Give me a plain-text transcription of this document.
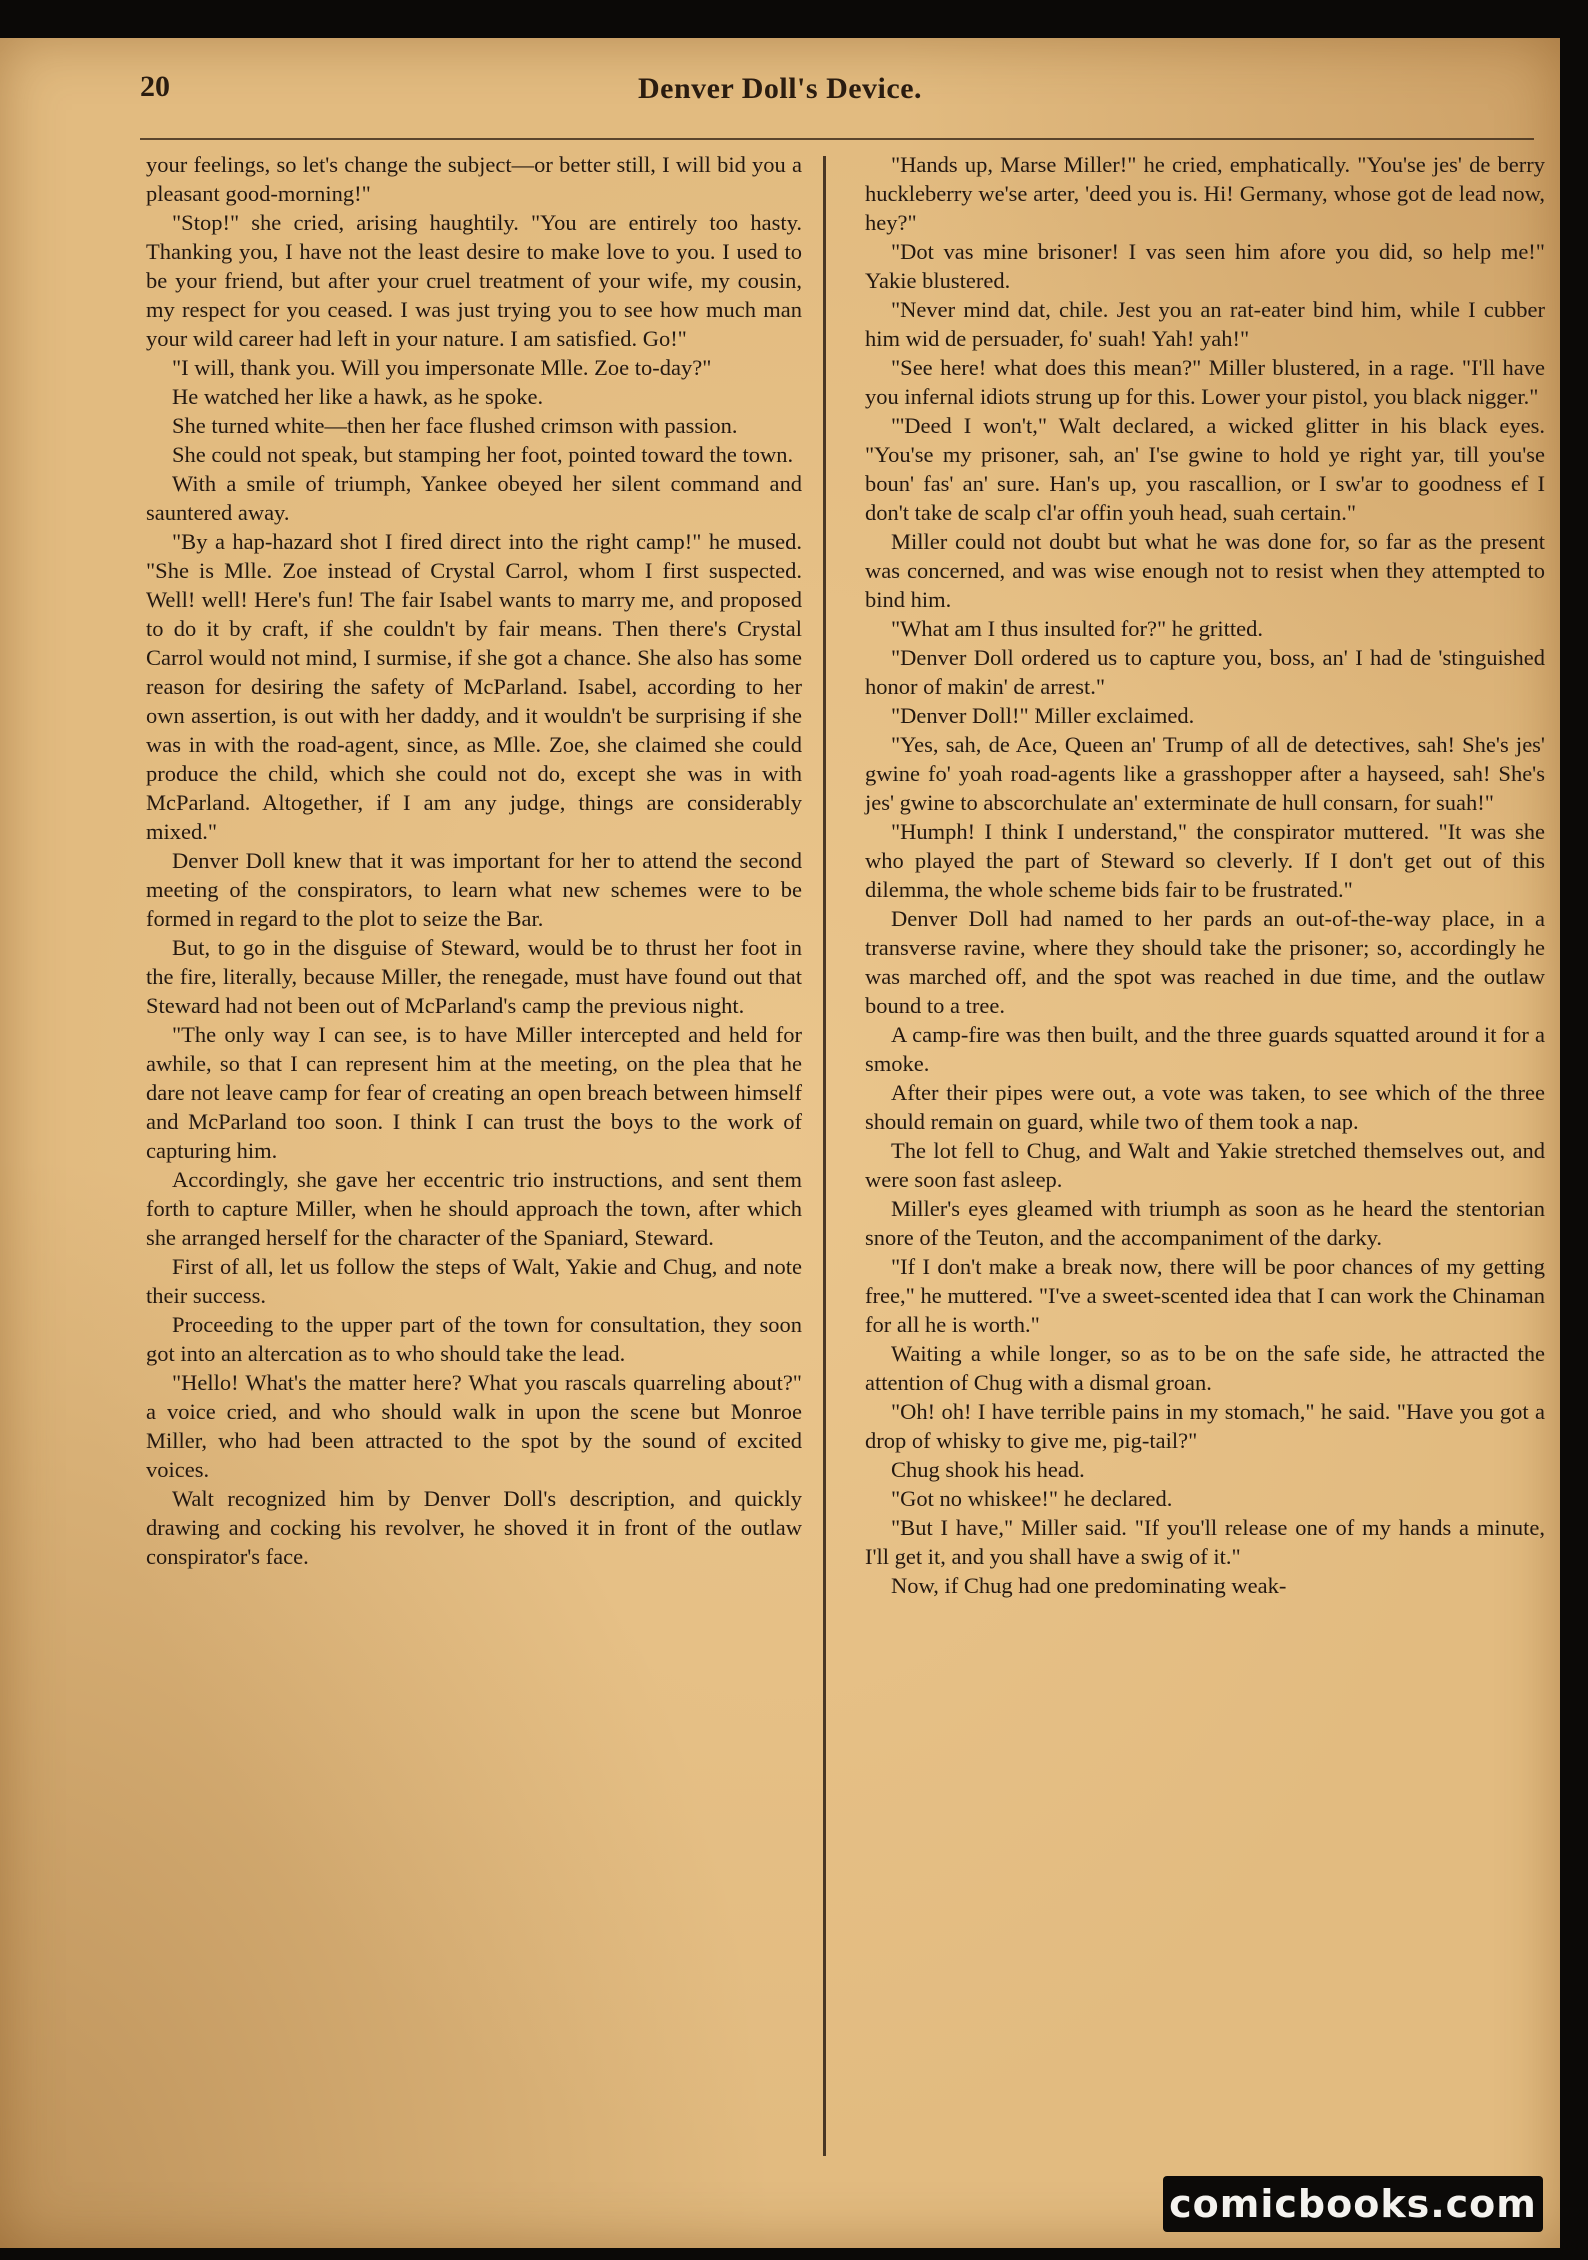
20	Denver Doll's Device.

your feelings, so let's change the subject—or better still, I will bid you a pleasant good-morning!"

"Stop!" she cried, arising haughtily. "You are entirely too hasty. Thanking you, I have not the least desire to make love to you. I used to be your friend, but after your cruel treatment of your wife, my cousin, my respect for you ceased. I was just trying you to see how much man your wild career had left in your nature. I am satisfied. Go!"

"I will, thank you. Will you impersonate Mlle. Zoe to-day?"

He watched her like a hawk, as he spoke.

She turned white—then her face flushed crimson with passion.

She could not speak, but stamping her foot, pointed toward the town.

With a smile of triumph, Yankee obeyed her silent command and sauntered away.

"By a hap-hazard shot I fired direct into the right camp!" he mused. "She is Mlle. Zoe instead of Crystal Carrol, whom I first suspected. Well! well! Here's fun! The fair Isabel wants to marry me, and proposed to do it by craft, if she couldn't by fair means. Then there's Crystal Carrol would not mind, I surmise, if she got a chance. She also has some reason for desiring the safety of McParland. Isabel, according to her own assertion, is out with her daddy, and it wouldn't be surprising if she was in with the road-agent, since, as Mlle. Zoe, she claimed she could produce the child, which she could not do, except she was in with McParland. Altogether, if I am any judge, things are considerably mixed."

Denver Doll knew that it was important for her to attend the second meeting of the conspirators, to learn what new schemes were to be formed in regard to the plot to seize the Bar.

But, to go in the disguise of Steward, would be to thrust her foot in the fire, literally, because Miller, the renegade, must have found out that Steward had not been out of McParland's camp the previous night.

"The only way I can see, is to have Miller intercepted and held for awhile, so that I can represent him at the meeting, on the plea that he dare not leave camp for fear of creating an open breach between himself and McParland too soon. I think I can trust the boys to the work of capturing him.

Accordingly, she gave her eccentric trio instructions, and sent them forth to capture Miller, when he should approach the town, after which she arranged herself for the character of the Spaniard, Steward.

First of all, let us follow the steps of Walt, Yakie and Chug, and note their success.

Proceeding to the upper part of the town for consultation, they soon got into an altercation as to who should take the lead.

"Hello! What's the matter here? What you rascals quarreling about?" a voice cried, and who should walk in upon the scene but Monroe Miller, who had been attracted to the spot by the sound of excited voices.

Walt recognized him by Denver Doll's description, and quickly drawing and cocking his revolver, he shoved it in front of the outlaw conspirator's face.

"Hands up, Marse Miller!" he cried, emphatically. "You'se jes' de berry huckleberry we'se arter, 'deed you is. Hi! Germany, whose got de lead now, hey?"

"Dot vas mine brisoner! I vas seen him afore you did, so help me!" Yakie blustered.

"Never mind dat, chile. Jest you an rat-eater bind him, while I cubber him wid de persuader, fo' suah! Yah! yah!"

"See here! what does this mean?" Miller blustered, in a rage. "I'll have you infernal idiots strung up for this. Lower your pistol, you black nigger."

"'Deed I won't," Walt declared, a wicked glitter in his black eyes. "You'se my prisoner, sah, an' I'se gwine to hold ye right yar, till you'se boun' fas' an' sure. Han's up, you rascallion, or I sw'ar to goodness ef I don't take de scalp cl'ar offin youh head, suah certain."

Miller could not doubt but what he was done for, so far as the present was concerned, and was wise enough not to resist when they attempted to bind him.

"What am I thus insulted for?" he gritted.

"Denver Doll ordered us to capture you, boss, an' I had de 'stinguished honor of makin' de arrest."

"Denver Doll!" Miller exclaimed.

"Yes, sah, de Ace, Queen an' Trump of all de detectives, sah! She's jes' gwine fo' yoah road-agents like a grasshopper after a hayseed, sah! She's jes' gwine to abscorchulate an' exterminate de hull consarn, for suah!"

"Humph! I think I understand," the conspirator muttered. "It was she who played the part of Steward so cleverly. If I don't get out of this dilemma, the whole scheme bids fair to be frustrated."

Denver Doll had named to her pards an out-of-the-way place, in a transverse ravine, where they should take the prisoner; so, accordingly he was marched off, and the spot was reached in due time, and the outlaw bound to a tree.

A camp-fire was then built, and the three guards squatted around it for a smoke.

After their pipes were out, a vote was taken, to see which of the three should remain on guard, while two of them took a nap.

The lot fell to Chug, and Walt and Yakie stretched themselves out, and were soon fast asleep.

Miller's eyes gleamed with triumph as soon as he heard the stentorian snore of the Teuton, and the accompaniment of the darky.

"If I don't make a break now, there will be poor chances of my getting free," he muttered. "I've a sweet-scented idea that I can work the Chinaman for all he is worth."

Waiting a while longer, so as to be on the safe side, he attracted the attention of Chug with a dismal groan.

"Oh! oh! I have terrible pains in my stomach," he said. "Have you got a drop of whisky to give me, pig-tail?"

Chug shook his head.

"Got no whiskee!" he declared.

"But I have," Miller said. "If you'll release one of my hands a minute, I'll get it, and you shall have a swig of it."

Now, if Chug had one predominating weak-

comicbooks.com
